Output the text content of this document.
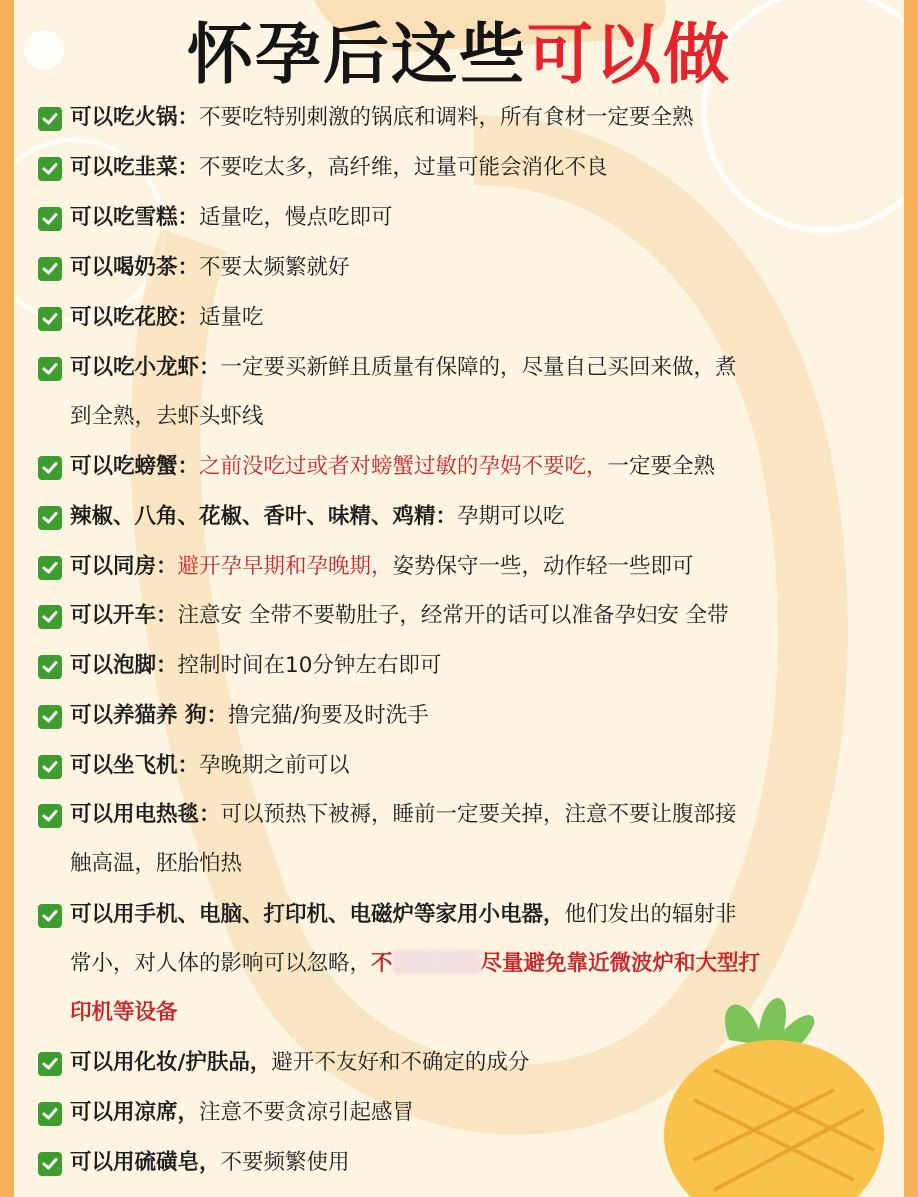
怀孕后这些可以做
可以吃火锅：不要吃特别刺激的锅底和调料，所有食材一定要全熟
可以吃韭菜：不要吃太多，高纤维，过量可能会消化不良
可以吃雪糕：适量吃，慢点吃即可
可以喝奶茶：不要太频繁就好
可以吃花胶：适量吃
可以吃小龙虾：一定要买新鲜且质量有保障的，尽量自己买回来做，煮
到全熟，去虾头虾线
可以吃螃蟹：之前没吃过或者对螃蟹过敏的孕妈不要吃，一定要全熟
辣椒、八角、花椒、香叶、味精、鸡精：孕期可以吃
可以同房：避开孕早期和孕晚期，姿势保守一些，动作轻一些即可
可以开车：注意安 全带不要勒肚子，经常开的话可以准备孕妇安 全带
可以泡脚：控制时间在10分钟左右即可
可以养猫养 狗：撸完猫/狗要及时洗手
可以坐飞机：孕晚期之前可以
可以用电热毯：可以预热下被褥，睡前一定要关掉，注意不要让腹部接
触高温，胚胎怕热
可以用手机、电脑、打印机、电磁炉等家用小电器，他们发出的辐射非
常小，对人体的影响可以忽略，不	尽量避免靠近微波炉和大型打
印机等设备
可以用化妆/护肤品，避开不友好和不确定的成分
可以用凉席，注意不要贪凉引起感冒
可以用硫磺皂，不要频繁使用
